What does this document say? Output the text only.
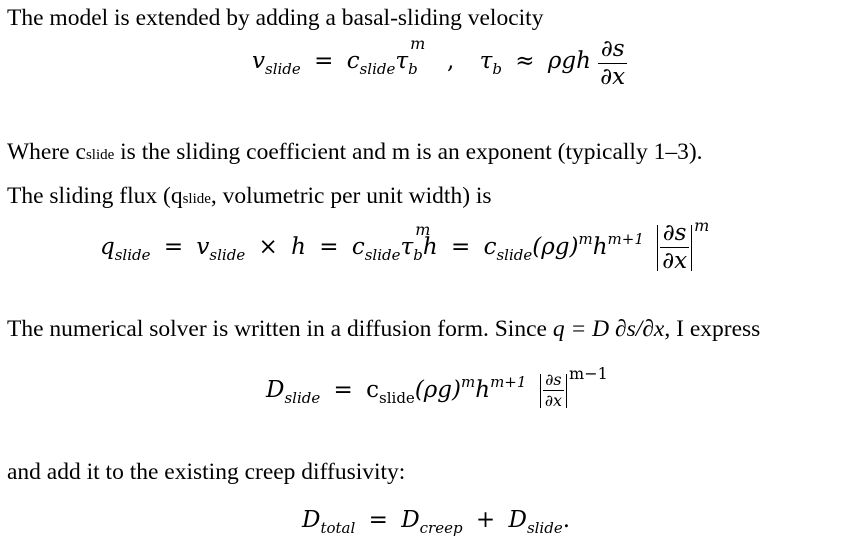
The model is extended by adding a basal-sliding velocity
$v_{slide} = c_{slide}\tau_b$
m
, $\tau_b \approx \rho gh \frac{\partial s}{\partial x}$
Where cslide is the sliding coefficient and m is an exponent (typically 1–3).
The sliding flux (qslide, volumetric per unit width) is
$q_{slide} = v_{slide} \times h = c_{slide}\tau_b$
m
$h = c_{slide}(\rho g)^mh^{m+1} \frac{\partial s}{\partial x}$ m
The numerical solver is written in a diffusion form. Since q = D ∂s/∂x, I express
$D_{slide} = c_{slide}(\rho g)^mh^{m+1} \frac{\partial s}{\partial x} m-1$
and add it to the existing creep diffusivity:
$D_{total} = D_{creep} + D_{slide}$.
